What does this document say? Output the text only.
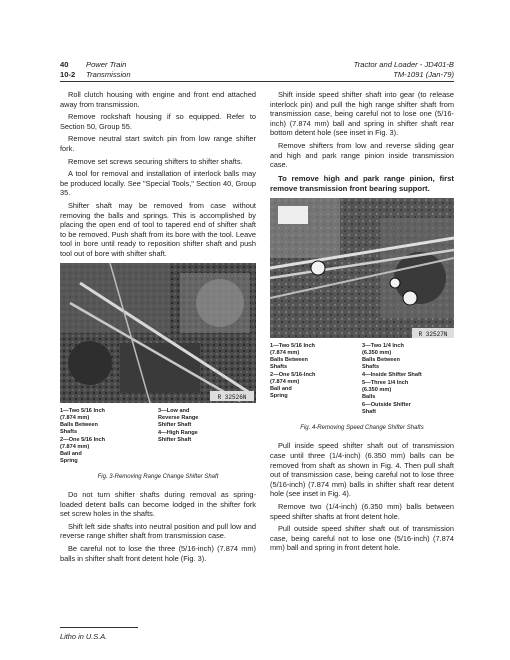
40 Power Train
10-2 Transmission
Tractor and Loader - JD401-B
TM-1091 (Jan-79)

Roll clutch housing with engine and front end attached away from transmission.

Remove rockshaft housing if so equipped. Refer to Section 50, Group 55.

Remove neutral start switch pin from low range shifter fork.

Remove set screws securing shifters to shifter shafts.

A tool for removal and installation of interlock balls may be produced locally. See "Special Tools," Section 40, Group 35.

Shifter shaft may be removed from case without removing the balls and springs. This is accomplished by placing the open end of tool to tapered end of shifter shaft to be removed. Push shaft from its bore with the tool. Leave tool in bore until ready to reposition shifter shaft and push tool out of bore with shifter shaft.

R 32526N
1—Two 5/16 Inch
(7.874 mm)
Balls Between
Shafts
2—One 5/16 Inch
(7.874 mm)
Ball and
Spring
3—Low and
Reverse Range
Shifter Shaft
4—High Range
Shifter Shaft
Fig. 3-Removing Range Change Shifter Shaft

Do not turn shifter shafts during removal as spring-loaded detent balls can become lodged in the shifter fork set screw holes in the shafts.

Shift left side shafts into neutral position and pull low and reverse range shifter shaft from transmission case.

Be careful not to lose the three (5/16-inch) (7.874 mm) balls in shifter shaft front detent hole (Fig. 3).

Shift inside speed shifter shaft into gear (to release interlock pin) and pull the high range shifter shaft from transmission case, being careful not to lose one (5/16-inch) (7.874 mm) ball and spring in shifter shaft rear bottom detent hole (see inset in Fig. 3).

Remove shifters from low and reverse sliding gear and high and park range pinion inside transmission case.

To remove high and park range pinion, first remove transmission front bearing support.
R 32527N
1—Two 5/16 Inch
(7.874 mm)
Balls Between
Shafts
2—One 5/16-Inch
(7.874 mm)
Ball and
Spring
3—Two 1/4 Inch
(6.350 mm)
Balls Between
Shafts
4—Inside Shifter Shaft
5—Three 1/4 Inch
(6.350 mm)
Balls
6—Outside Shifter
Shaft
Fig. 4-Removing Speed Change Shifter Shafts

Pull inside speed shifter shaft out of transmission case until three (1/4-inch) (6.350 mm) balls can be removed from shaft as shown in Fig. 4. Then pull shaft out of transmission case, being careful not to lose three (5/16-inch) (7.874 mm) balls in shifter shaft rear detent hole (see inset in Fig. 4).

Remove two (1/4-inch) (6.350 mm) balls between speed shifter shafts at front detent hole.

Pull outside speed shifter shaft out of transmission case, being careful not to lose one (5/16-inch) (7.874 mm) ball and spring in front detent hole.

Litho in U.S.A.
